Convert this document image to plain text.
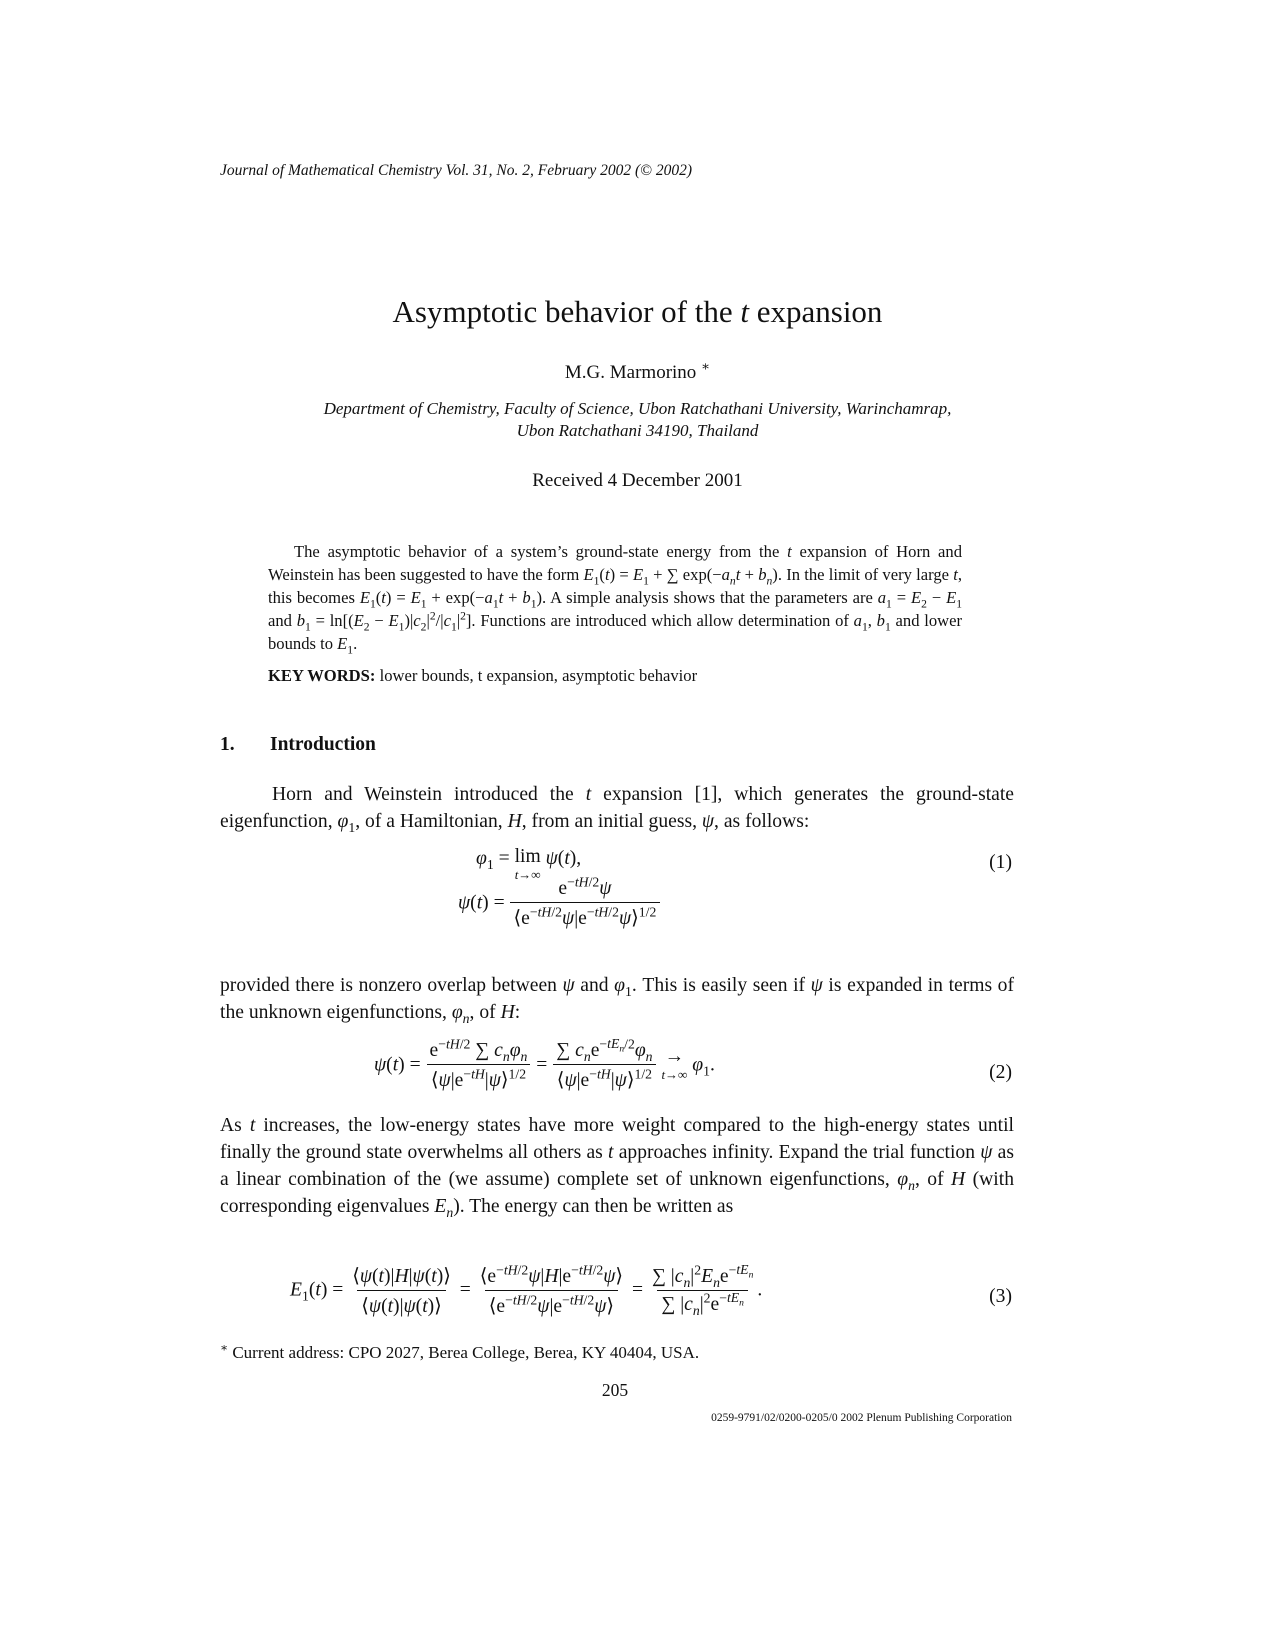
Journal of Mathematical Chemistry Vol. 31, No. 2, February 2002 (© 2002)
Asymptotic behavior of the t expansion
M.G. Marmorino ∗
Department of Chemistry, Faculty of Science, Ubon Ratchathani University, Warinchamrap,
Ubon Ratchathani 34190, Thailand
Received 4 December 2001
The asymptotic behavior of a system’s ground-state energy from the t expansion of Horn and Weinstein has been suggested to have the form $E_1(t) = E_1$ + ∑ $\exp(-a_nt + b_n)$. In the limit of very large t, this becomes $E_1(t) = E_1 + \exp(-a_1t + b_1)$. A simple analysis shows that the parameters are $a_1 = E_2 - E_1$ and $b_1 = \ln[(E_2 - E_1)|c_2|^2/|c_1|^2]$. Functions are introduced which allow determination of $a_1$, $b_1$ and lower bounds to $E_1$.
KEY WORDS: lower bounds, t expansion, asymptotic behavior
1. Introduction
Horn and Weinstein introduced the t expansion [1], which generates the ground-state eigenfunction, $\varphi_1$, of a Hamiltonian, H, from an initial guess, ψ, as follows:
$\varphi_1 = \lim$
t→∞
ψ(t),
$\psi(t) = \frac{e^{-tH/2}\psi}{⟨e^{-tH/2}\psi|e^{-tH/2}\psi⟩^{1/2}}$
(1)
provided there is nonzero overlap between ψ and $\varphi_1$. This is easily seen if ψ is expanded in terms of the unknown eigenfunctions, $\varphi_n$, of H:
$\psi(t) = \frac{e^{-tH/2} \sum c_n\varphi_n}{⟨\psi|e^{-tH}|\psi⟩^{1/2}} = \frac{\sum c_ne^{-tE_n/2}\varphi_n}{⟨\psi|e^{-tH}|\psi⟩^{1/2}}$
→
t→∞ $\varphi_1$.	(2)
As t increases, the low-energy states have more weight compared to the high-energy states until finally the ground state overwhelms all others as t approaches infinity. Expand the trial function ψ as a linear combination of the (we assume) complete set of unknown eigenfunctions, $\varphi_n$, of H (with corresponding eigenvalues $E_n$). The energy can then be written as
$E_1(t) = \frac{⟨\psi(t)|H|\psi(t)⟩}{⟨\psi(t)|\psi(t)⟩} = \frac{⟨e^{-tH/2}\psi|H|e^{-tH/2}\psi⟩}{⟨e^{-tH/2}\psi|e^{-tH/2}\psi⟩} = \frac{\sum |c_n|^2E_ne^{-tE_n}}{\sum |c_n|^2e^{-tE_n}}$ .	(3)
∗ Current address: CPO 2027, Berea College, Berea, KY 40404, USA.
205
0259-9791/02/0200-0205/0 2002 Plenum Publishing Corporation
